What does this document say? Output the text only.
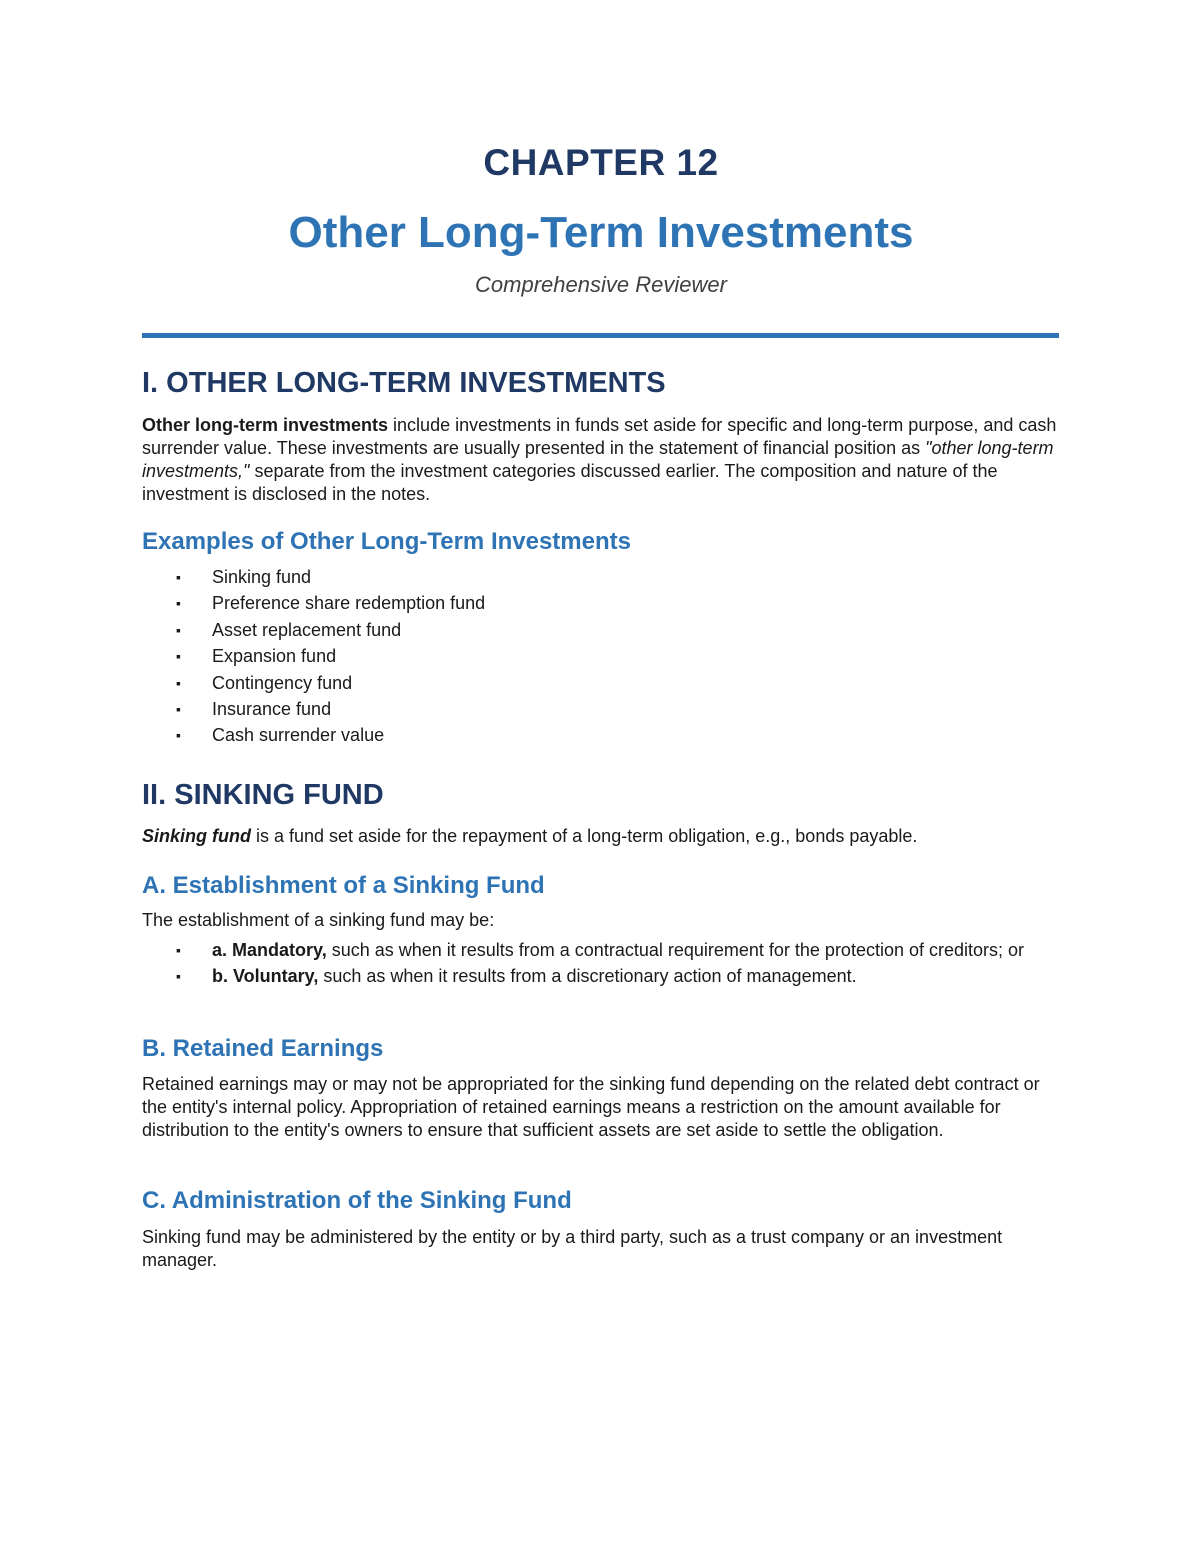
CHAPTER 12
Other Long-Term Investments
Comprehensive Reviewer
I. OTHER LONG-TERM INVESTMENTS

Other long-term investments include investments in funds set aside for specific and long-term purpose, and cash surrender value. These investments are usually presented in the statement of financial position as "other long-term investments," separate from the investment categories discussed earlier. The composition and nature of the investment is disclosed in the notes.

Examples of Other Long-Term Investments
▪ Sinking fund
▪ Preference share redemption fund
▪ Asset replacement fund
▪ Expansion fund
▪ Contingency fund
▪ Insurance fund
▪ Cash surrender value
II. SINKING FUND

Sinking fund is a fund set aside for the repayment of a long-term obligation, e.g., bonds payable.

A. Establishment of a Sinking Fund

The establishment of a sinking fund may be:

▪ a. Mandatory, such as when it results from a contractual requirement for the protection of creditors; or
▪ b. Voluntary, such as when it results from a discretionary action of management.
B. Retained Earnings

Retained earnings may or may not be appropriated for the sinking fund depending on the related debt contract or the entity's internal policy. Appropriation of retained earnings means a restriction on the amount available for distribution to the entity's owners to ensure that sufficient assets are set aside to settle the obligation.

C. Administration of the Sinking Fund

Sinking fund may be administered by the entity or by a third party, such as a trust company or an investment manager.
